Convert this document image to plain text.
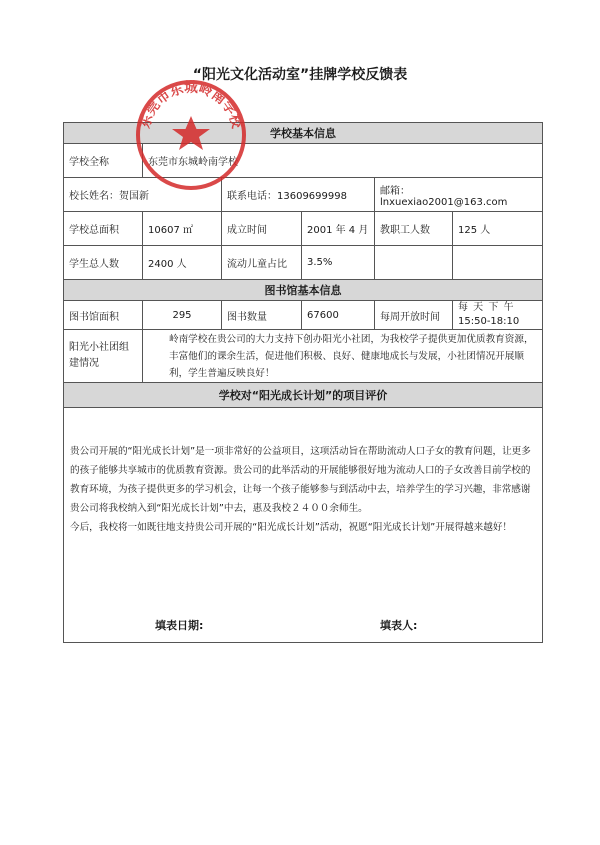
“阳光文化活动室”挂牌学校反馈表
学校基本信息					
学校全称	东莞市东城岭南学校				
校长姓名：贺国新		联系电话：13609699998		邮箱：lnxuexiao2001@163.com	
学校总面积	10607 ㎡	成立时间	2001 年 4 月	教职工人数	125 人
学生总人数	2400 人	流动儿童占比	3.5%		
图书馆基本信息					
图书馆面积	295	图书数量	67600	每周开放时间	每 天 下 午
15:50-18:10

阳光小社团组建情况	岭南学校在贵公司的大力支持下创办阳光小社团，为我校学子提供更加优质教育资源，丰富他们的课余生活，促进他们积极、良好、健康地成长与发展，小社团情况开展顺利，学生普遍反映良好！				
学校对“阳光成长计划”的项目评价					

贵公司开展的“阳光成长计划”是一项非常好的公益项目，这项活动旨在帮助流动人口子女的教育问题，让更多的孩子能够共享城市的优质教育资源。贵公司的此举活动的开展能够很好地为流动人口的子女改善目前学校的教育环境，为孩子提供更多的学习机会，让每一个孩子能够参与到活动中去，培养学生的学习兴趣，非常感谢贵公司将我校纳入到“阳光成长计划”中去，惠及我校２４００余师生。

今后，我校将一如既往地支持贵公司开展的“阳光成长计划”活动，祝愿“阳光成长计划”开展得越来越好！					

东莞市东城岭南学校
填表日期:	填表人:
